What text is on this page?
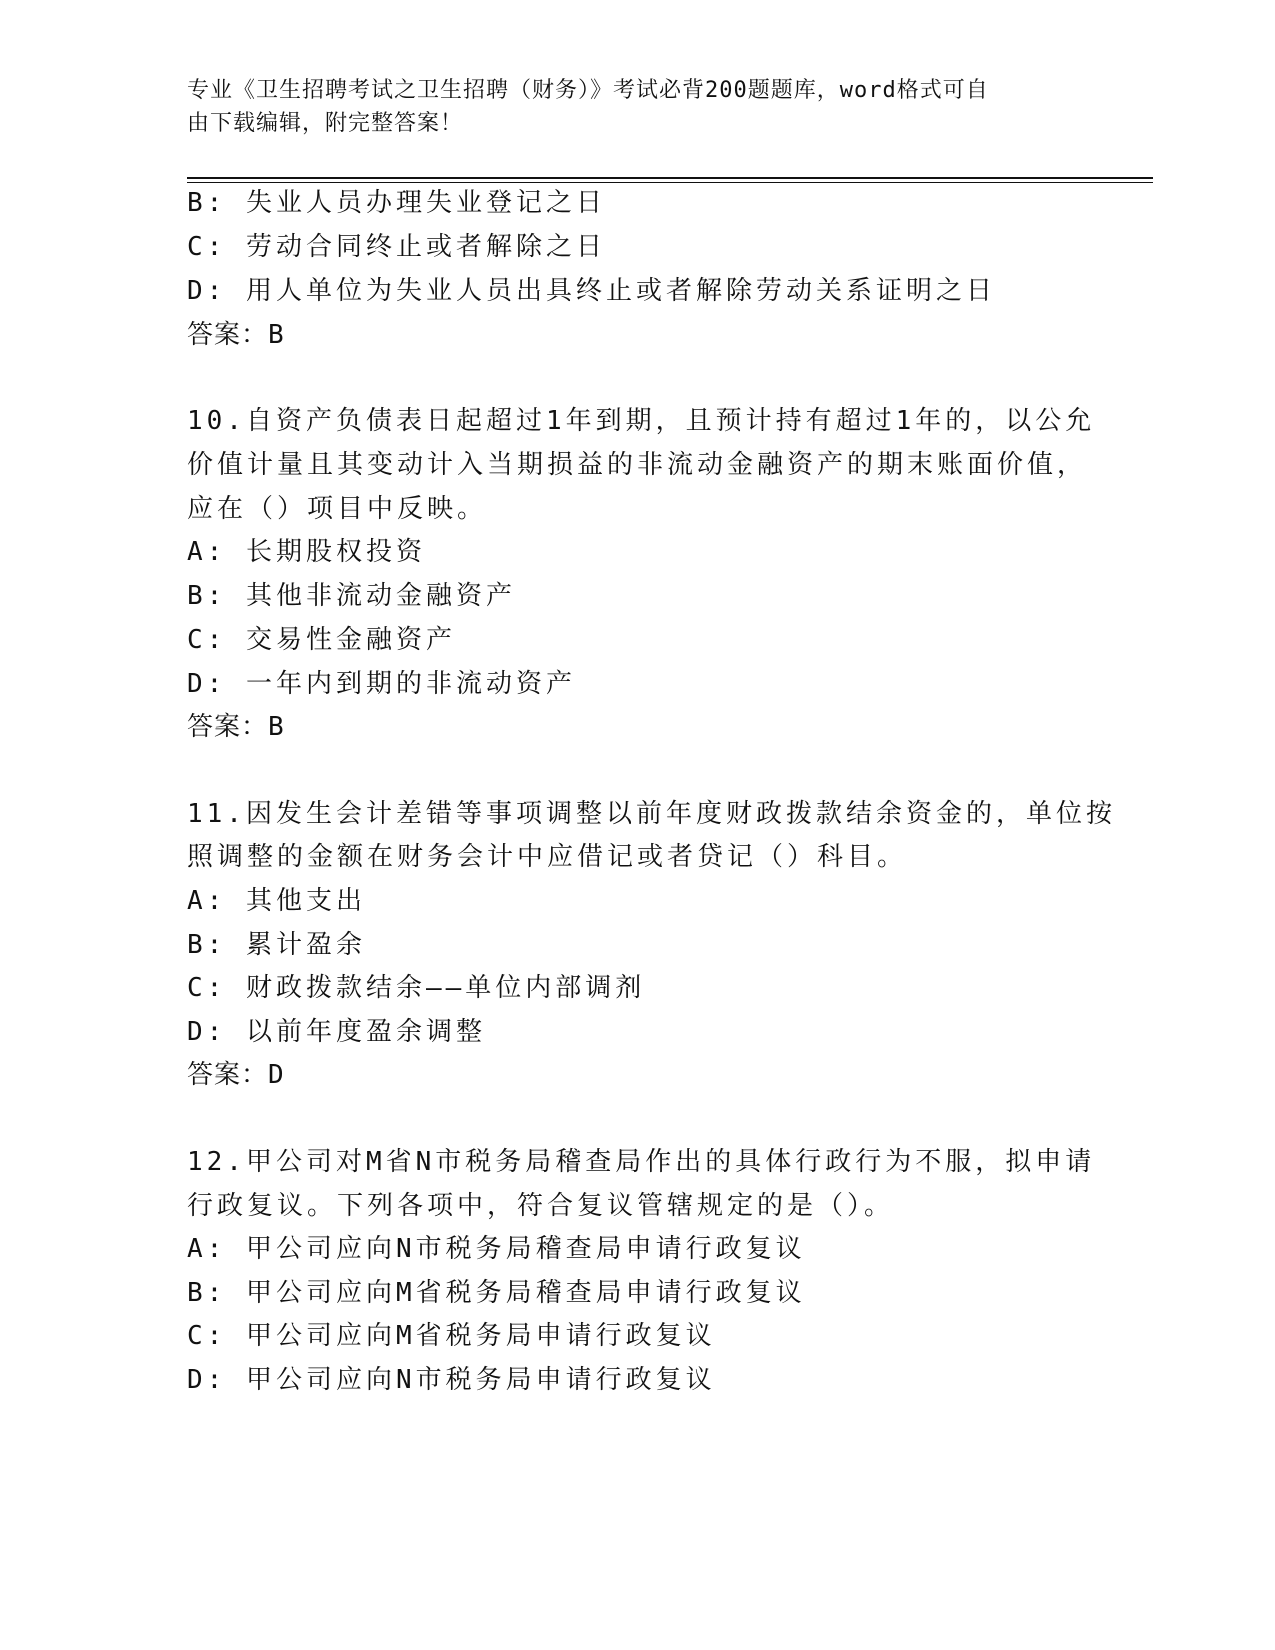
专业《卫生招聘考试之卫生招聘（财务）》考试必背200题题库，word格式可自
由下载编辑，附完整答案！
B: 失业人员办理失业登记之日
C: 劳动合同终止或者解除之日
D: 用人单位为失业人员出具终止或者解除劳动关系证明之日
答案：B
10.自资产负债表日起超过1年到期，且预计持有超过1年的，以公允
价值计量且其变动计入当期损益的非流动金融资产的期末账面价值，
应在（）项目中反映。
A: 长期股权投资
B: 其他非流动金融资产
C: 交易性金融资产
D: 一年内到期的非流动资产
答案：B
11.因发生会计差错等事项调整以前年度财政拨款结余资金的，单位按
照调整的金额在财务会计中应借记或者贷记（）科目。
A: 其他支出
B: 累计盈余
C: 财政拨款结余——单位内部调剂
D: 以前年度盈余调整
答案：D
12.甲公司对M省N市税务局稽查局作出的具体行政行为不服，拟申请
行政复议。下列各项中，符合复议管辖规定的是（）。
A: 甲公司应向N市税务局稽查局申请行政复议
B: 甲公司应向M省税务局稽查局申请行政复议
C: 甲公司应向M省税务局申请行政复议
D: 甲公司应向N市税务局申请行政复议
